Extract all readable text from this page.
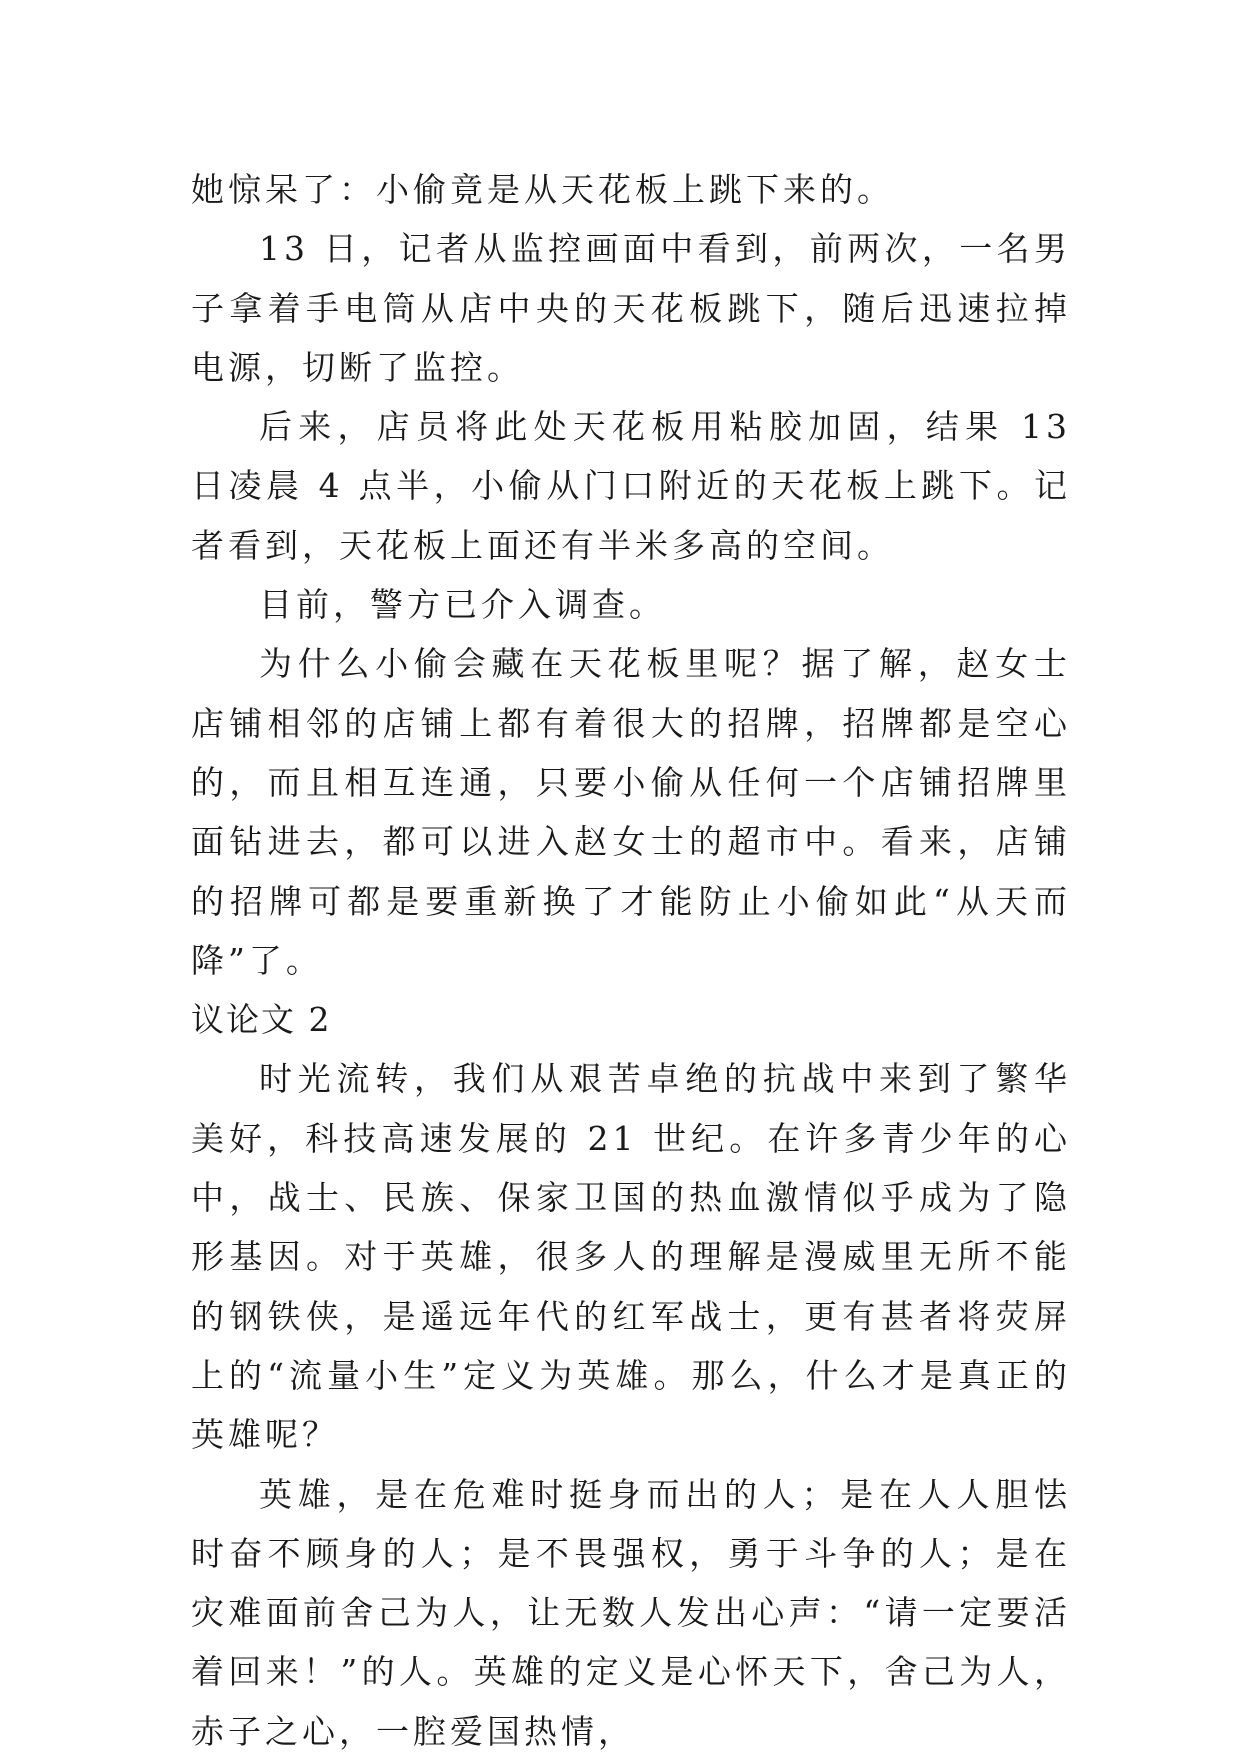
她惊呆了：小偷竟是从天花板上跳下来的。

13 日，记者从监控画面中看到，前两次，一名男子拿着手电筒从店中央的天花板跳下，随后迅速拉掉电源，切断了监控。

后来，店员将此处天花板用粘胶加固，结果 13 日凌晨 4 点半，小偷从门口附近的天花板上跳下。记者看到，天花板上面还有半米多高的空间。

目前，警方已介入调查。

为什么小偷会藏在天花板里呢？据了解，赵女士店铺相邻的店铺上都有着很大的招牌，招牌都是空心的，而且相互连通，只要小偷从任何一个店铺招牌里面钻进去，都可以进入赵女士的超市中。看来，店铺的招牌可都是要重新换了才能防止小偷如此“从天而降”了。

议论文 2

时光流转，我们从艰苦卓绝的抗战中来到了繁华美好，科技高速发展的 21 世纪。在许多青少年的心中，战士、民族、保家卫国的热血激情似乎成为了隐形基因。对于英雄，很多人的理解是漫威里无所不能的钢铁侠，是遥远年代的红军战士，更有甚者将荧屏上的“流量小生”定义为英雄。那么，什么才是真正的英雄呢？

英雄，是在危难时挺身而出的人；是在人人胆怯时奋不顾身的人；是不畏强权，勇于斗争的人；是在灾难面前舍己为人，让无数人发出心声：“请一定要活着回来！”的人。英雄的定义是心怀天下，舍己为人，赤子之心，一腔爱国热情，
